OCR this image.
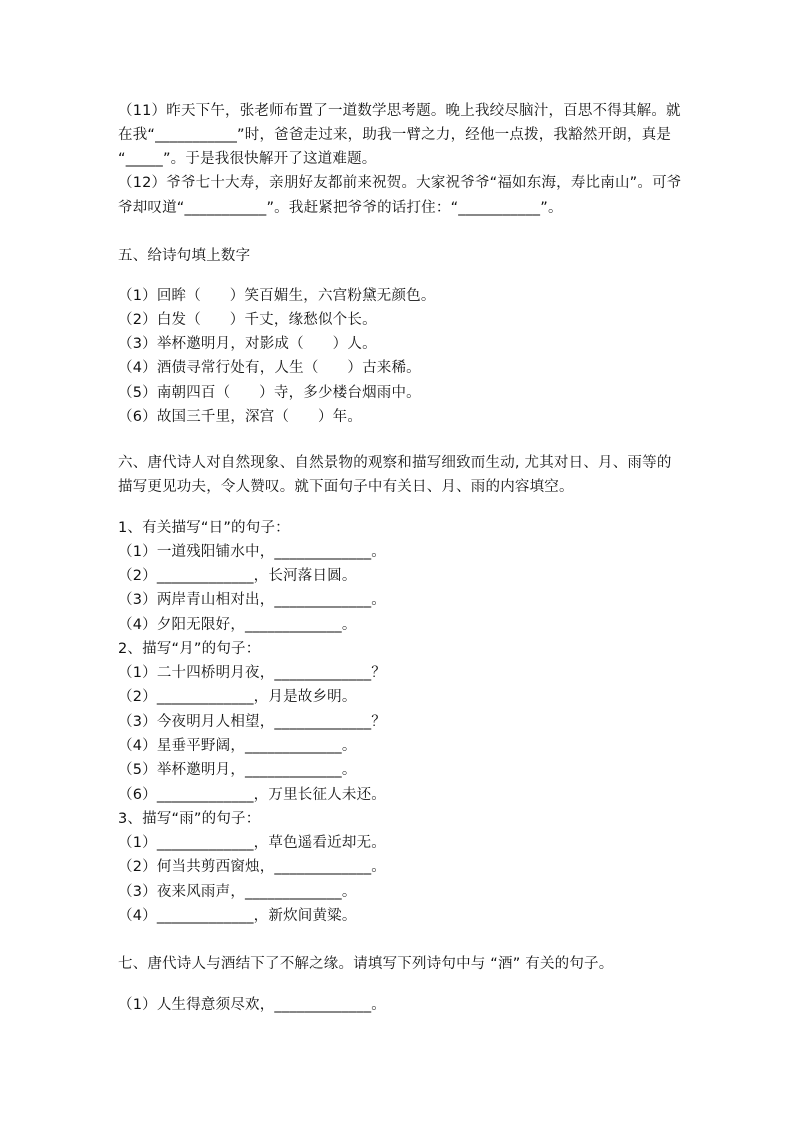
（11）昨天下午，张老师布置了一道数学思考题。晚上我绞尽脑汁，百思不得其解。就
在我“___________”时，爸爸走过来，助我一臂之力，经他一点拨，我豁然开朗，真是
“_____”。于是我很快解开了这道难题。
（12）爷爷七十大寿，亲朋好友都前来祝贺。大家祝爷爷“福如东海，寿比南山”。可爷
爷却叹道“___________”。我赶紧把爷爷的话打住：“___________”。
五、给诗句填上数字
（1）回眸（      ）笑百媚生，六宫粉黛无颜色。
（2）白发（      ）千丈，缘愁似个长。
（3）举杯邀明月，对影成（      ）人。
（4）酒债寻常行处有，人生（      ）古来稀。
（5）南朝四百（      ）寺，多少楼台烟雨中。
（6）故国三千里，深宫（      ）年。
六、唐代诗人对自然现象、自然景物的观察和描写细致而生动, 尤其对日、月、雨等的
描写更见功夫，令人赞叹。就下面句子中有关日、月、雨的内容填空。
1、有关描写“日”的句子：
（1）一道残阳铺水中，_____________。
（2）_____________，长河落日圆。
（3）两岸青山相对出，_____________。
（4）夕阳无限好，_____________。
2、描写“月”的句子：
（1）二十四桥明月夜，_____________？
（2）_____________，月是故乡明。
（3）今夜明月人相望，_____________？
（4）星垂平野阔，_____________。
（5）举杯邀明月，_____________。
（6）_____________，万里长征人未还。
3、描写“雨”的句子：
（1）_____________，草色遥看近却无。
（2）何当共剪西窗烛，_____________。
（3）夜来风雨声，_____________。
（4）_____________，新炊间黄粱。
七、唐代诗人与酒结下了不解之缘。请填写下列诗句中与 “酒” 有关的句子。
（1）人生得意须尽欢，_____________。
